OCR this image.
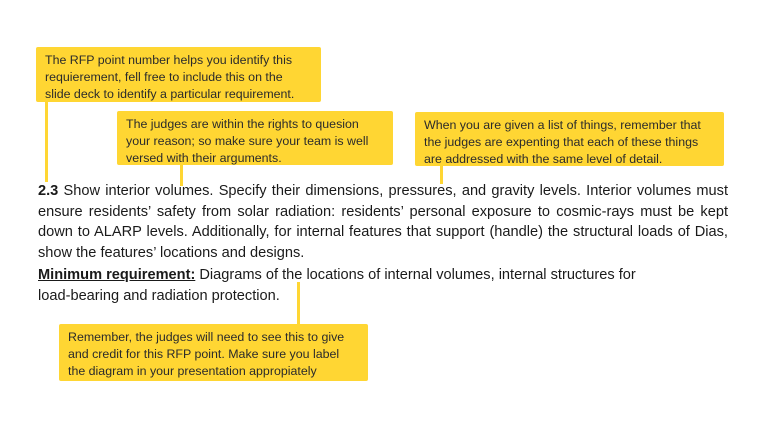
The RFP point number helps you identify this
requierement, fell free to include this on the
slide deck to identify a particular requirement.
The judges are within the rights to quesion
your reason; so make sure your team is well
versed with their arguments.
When you are given a list of things, remember that
the judges are expenting that each of these things
are addressed with the same level of detail.
Remember, the judges will need to see this to give
and credit for this RFP point. Make sure you label
the diagram in your presentation appropiately

2.3 Show interior volumes. Specify their dimensions, pressures, and gravity levels. Interior volumes must ensure residents’ safety from solar radiation: residents’ personal exposure to cosmic-rays must be kept down to ALARP levels. Additionally, for internal features that support (handle) the structural loads of Dias, show the features’ locations and designs.

Minimum requirement: Diagrams of the locations of internal volumes, internal structures for load-bearing and radiation protection.
